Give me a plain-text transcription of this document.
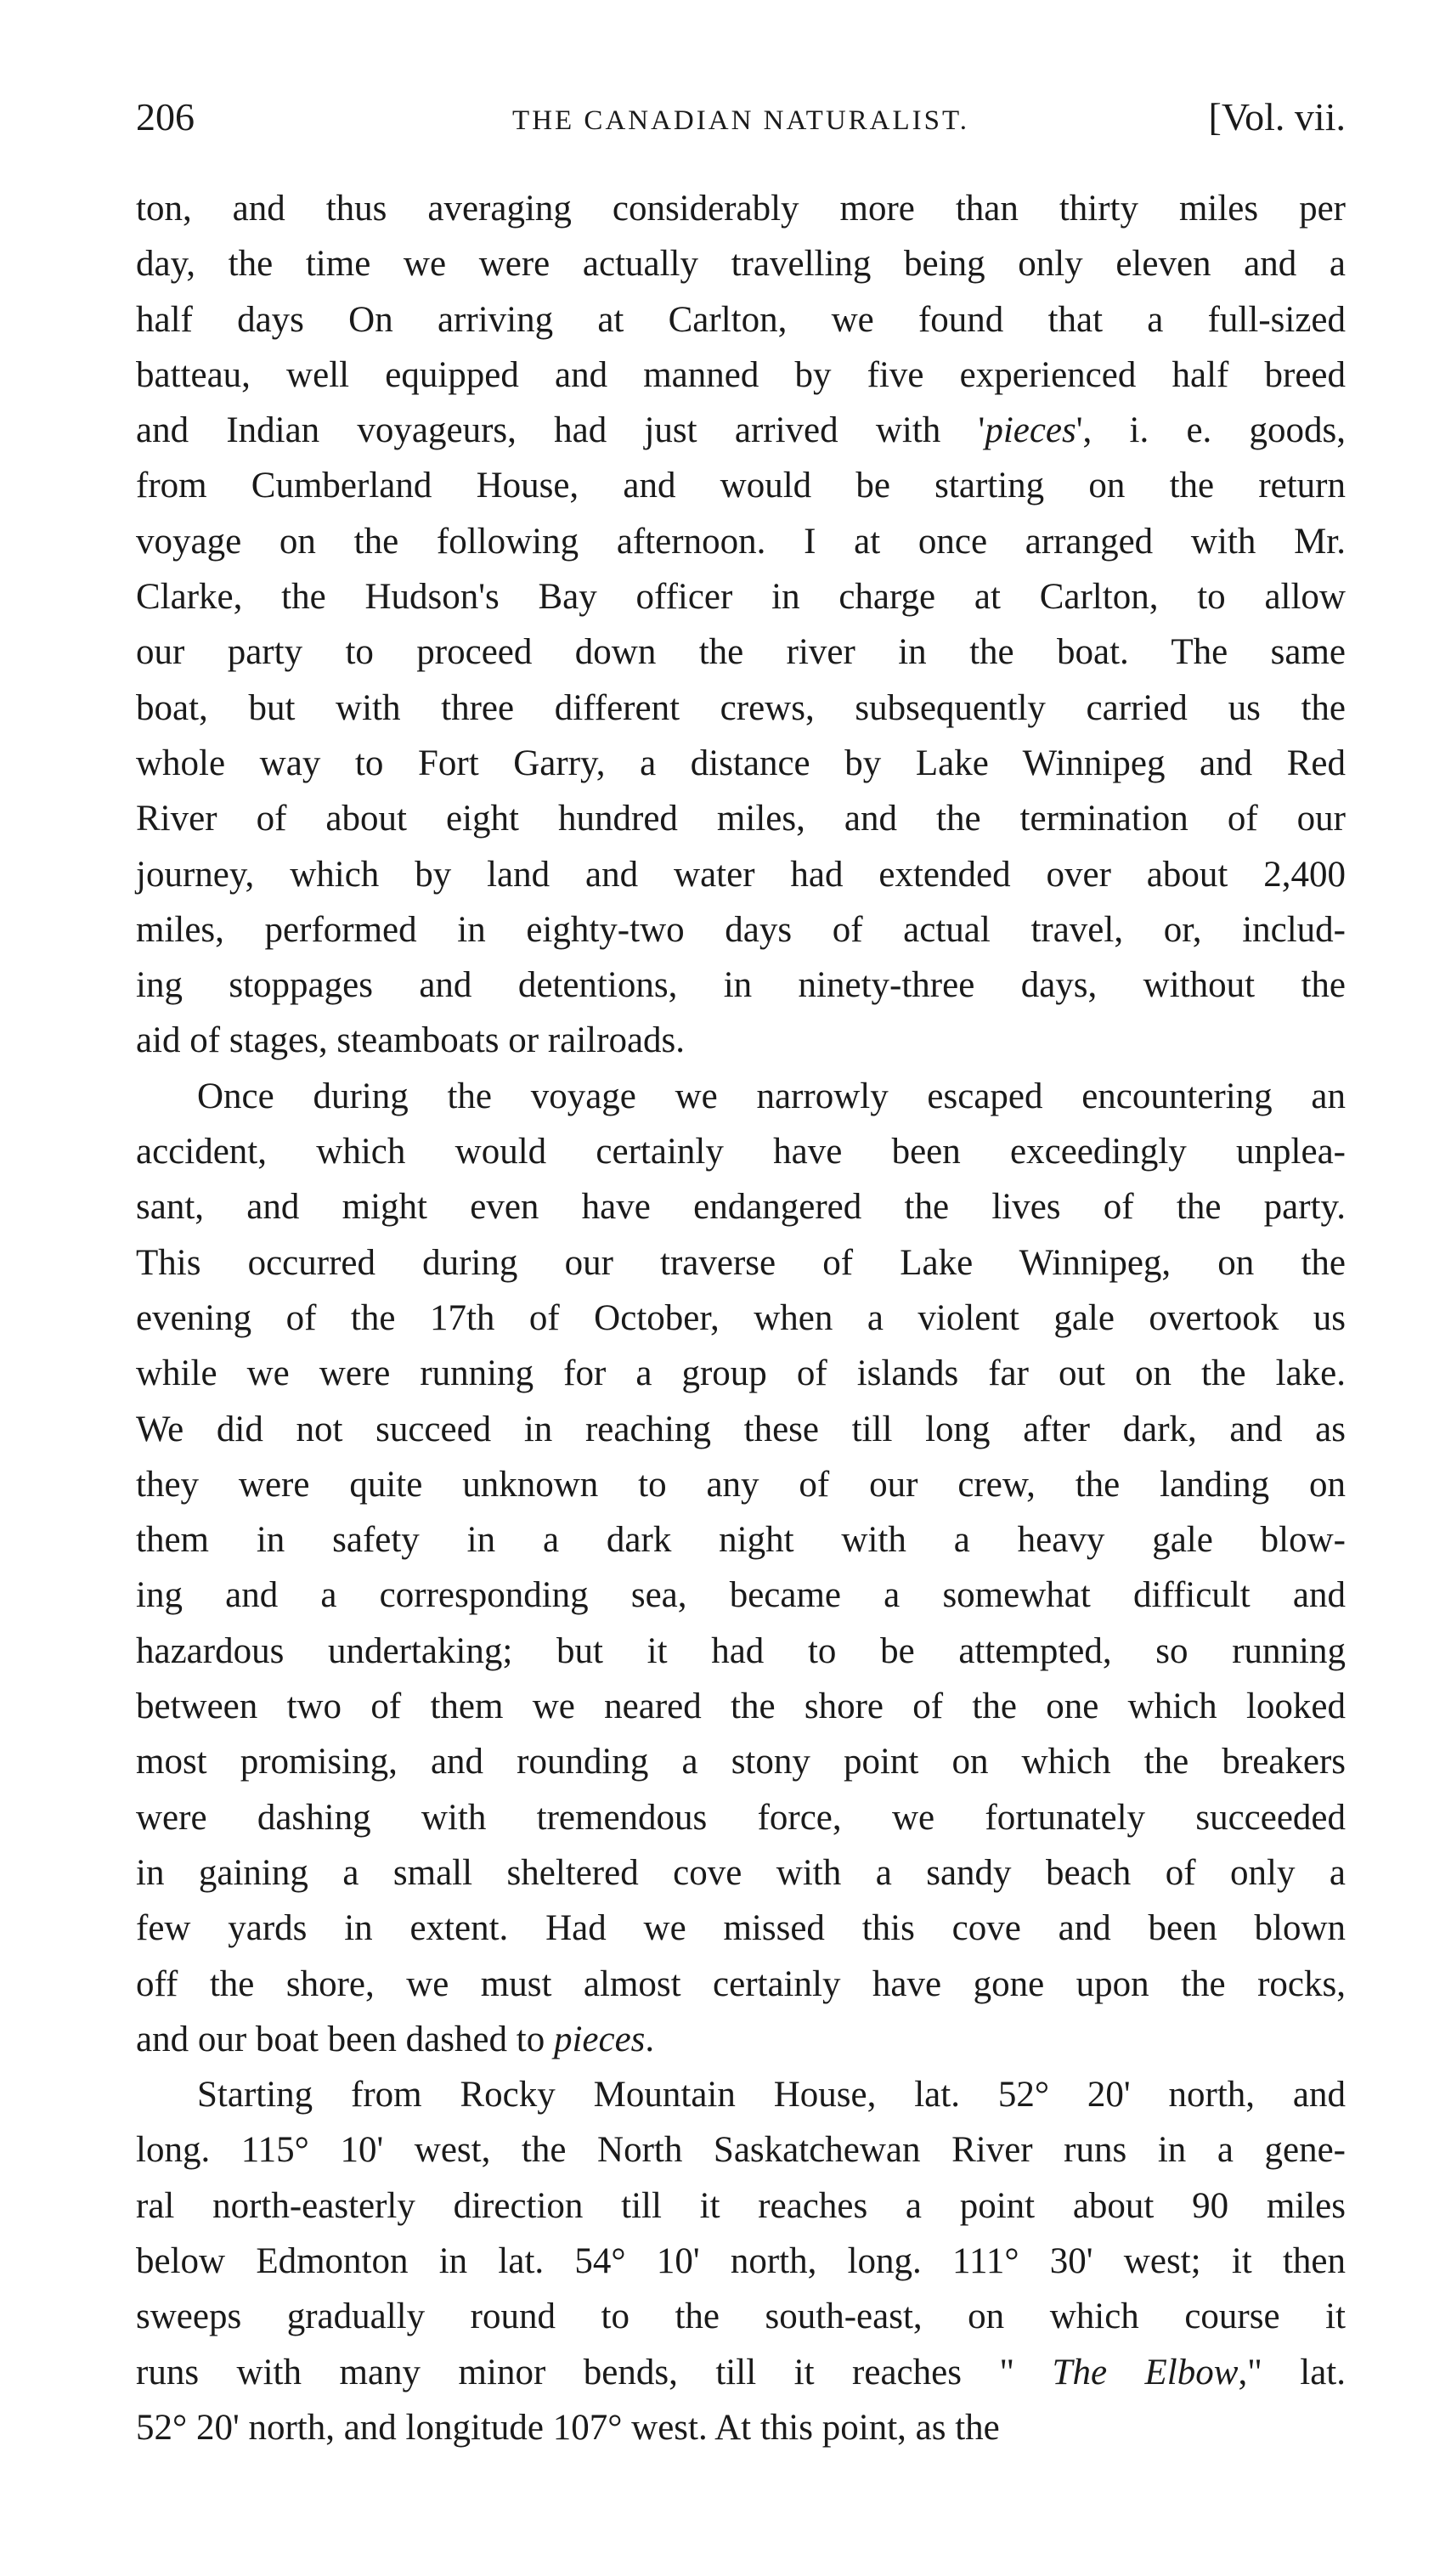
206	THE CANADIAN NATURALIST.	[Vol. vii.
ton, and thus averaging considerably more than thirty miles per
day, the time we were actually travelling being only eleven and a
half days On arriving at Carlton, we found that a full-sized
batteau, well equipped and manned by five experienced half breed
and Indian voyageurs, had just arrived with 'pieces', i. e. goods,
from Cumberland House, and would be starting on the return
voyage on the following afternoon. I at once arranged with Mr.
Clarke, the Hudson's Bay officer in charge at Carlton, to allow
our party to proceed down the river in the boat. The same
boat, but with three different crews, subsequently carried us the
whole way to Fort Garry, a distance by Lake Winnipeg and Red
River of about eight hundred miles, and the termination of our
journey, which by land and water had extended over about 2,400
miles, performed in eighty-two days of actual travel, or, includ-
ing stoppages and detentions, in ninety-three days, without the
aid of stages, steamboats or railroads.
Once during the voyage we narrowly escaped encountering an
accident, which would certainly have been exceedingly unplea-
sant, and might even have endangered the lives of the party.
This occurred during our traverse of Lake Winnipeg, on the
evening of the 17th of October, when a violent gale overtook us
while we were running for a group of islands far out on the lake.
We did not succeed in reaching these till long after dark, and as
they were quite unknown to any of our crew, the landing on
them in safety in a dark night with a heavy gale blow-
ing and a corresponding sea, became a somewhat difficult and
hazardous undertaking; but it had to be attempted, so running
between two of them we neared the shore of the one which looked
most promising, and rounding a stony point on which the breakers
were dashing with tremendous force, we fortunately succeeded
in gaining a small sheltered cove with a sandy beach of only a
few yards in extent. Had we missed this cove and been blown
off the shore, we must almost certainly have gone upon the rocks,
and our boat been dashed to pieces.
Starting from Rocky Mountain House, lat. 52° 20' north, and
long. 115° 10' west, the North Saskatchewan River runs in a gene-
ral north-easterly direction till it reaches a point about 90 miles
below Edmonton in lat. 54° 10' north, long. 111° 30' west; it then
sweeps gradually round to the south-east, on which course it
runs with many minor bends, till it reaches " The Elbow," lat.
52° 20' north, and longitude 107° west. At this point, as the
